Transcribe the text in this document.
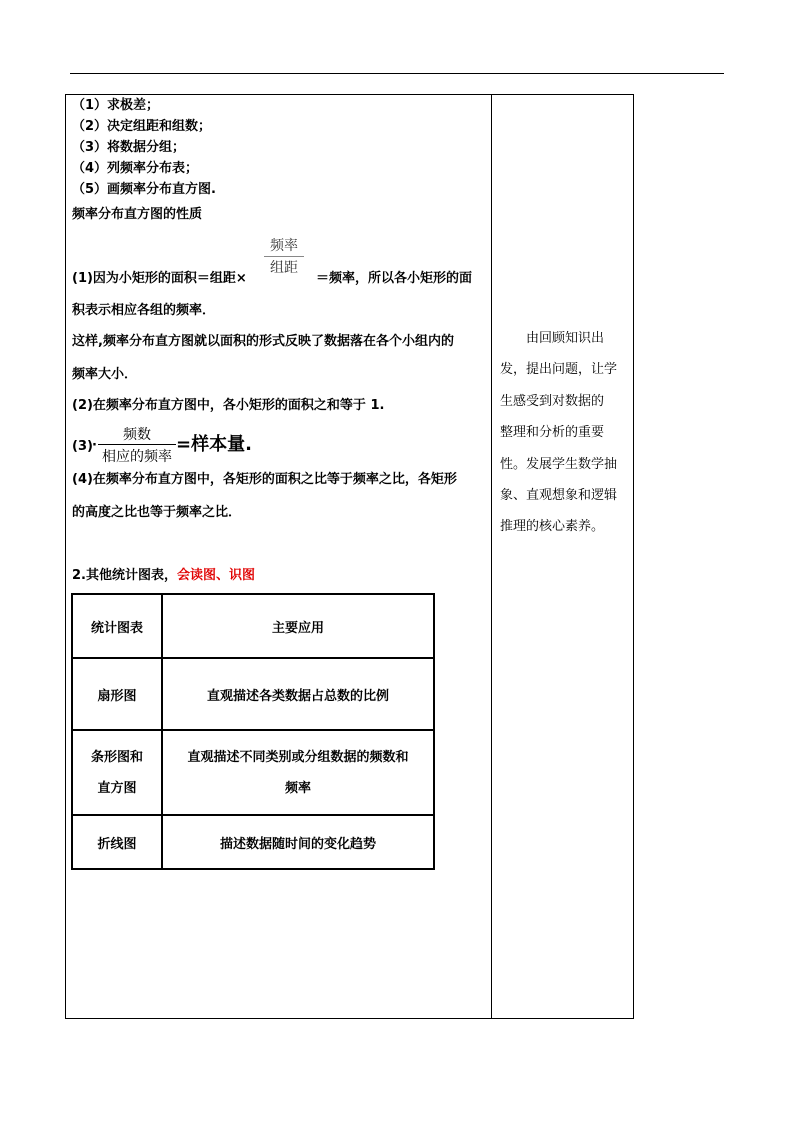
（1）求极差；
（2）决定组距和组数；
（3）将数据分组；
（4）列频率分布表；
（5）画频率分布直方图.
频率分布直方图的性质
频率
组距
(1)因为小矩形的面积＝组距×	＝频率，所以各小矩形的面
积表示相应各组的频率．
这样,频率分布直方图就以面积的形式反映了数据落在各个小组内的
频率大小．
(2)在频率分布直方图中，各小矩形的面积之和等于 1.
(3) ·
频数
相应的频率
=样本量.
(4)在频率分布直方图中，各矩形的面积之比等于频率之比，各矩形
的高度之比也等于频率之比．
2.其他统计图表，会读图、识图
统计图表	主要应用
扇形图	直观描述各类数据占总数的比例
条形图和
直方图	直观描述不同类别或分组数据的频数和
频率
折线图	描述数据随时间的变化趋势
　　由回顾知识出
发，提出问题，让学
生感受到对数据的
整理和分析的重要
性。发展学生数学抽
象、直观想象和逻辑
推理的核心素养。
